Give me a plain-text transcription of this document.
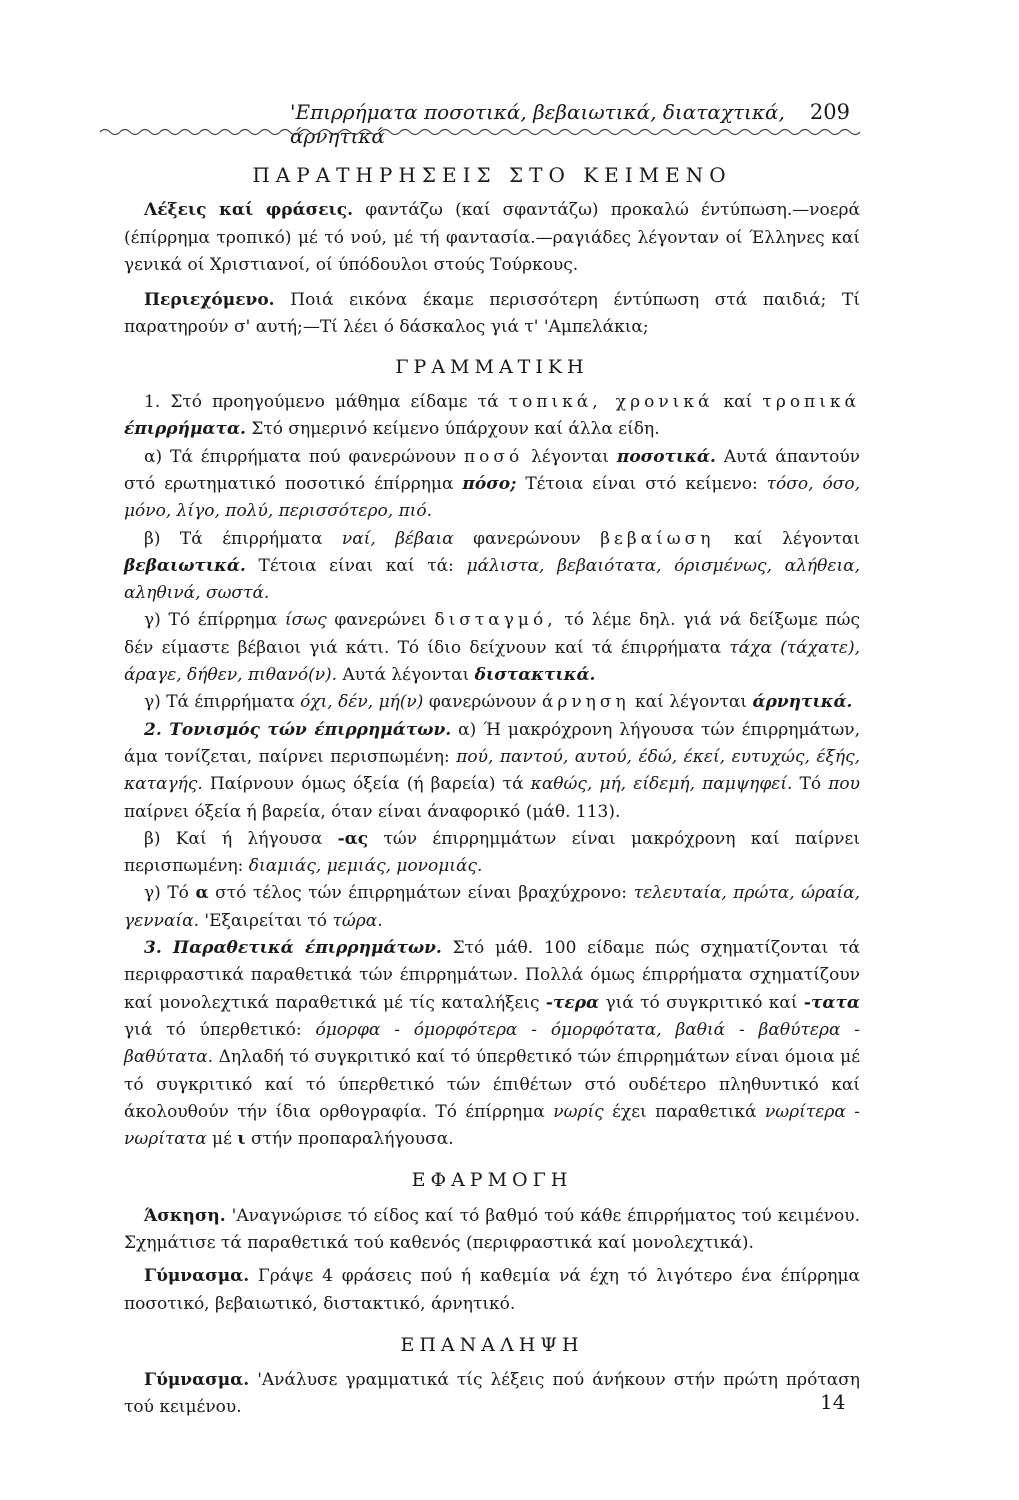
'Επιρρήματα ποσοτικά, βεβαιωτικά, διαταχτικά, άρνητικά
209
ΠΑΡΑΤΗΡΗΣΕΙΣ ΣΤΟ ΚΕΙΜΕΝΟ

Λέξεις καί φράσεις. φαντάζω (καί σφαντάζω) προκαλώ έντύπωση.—νοερά (έπίρρημα τροπικό) μέ τό νού, μέ τή φαντασία.—ραγιάδες λέγονταν οί Έλληνες καί γενικά οί Χριστιανοί, οί ύπόδουλοι στούς Τούρκους.

Περιεχόμενο. Ποιά εικόνα έκαμε περισσότερη έντύπωση στά παιδιά; Τί παρατηρούν σ' αυτή;—Τί λέει ό δάσκαλος γιά τ' 'Αμπελάκια;

ΓΡΑΜΜΑΤΙΚΗ

1. Στό προηγούμενο μάθημα είδαμε τά τοπικά, χρονικά καί τροπικά έπιρρήματα. Στό σημερινό κείμενο ύπάρχουν καί άλλα είδη.

α) Τά έπιρρήματα πού φανερώνουν ποσό λέγονται ποσοτικά. Αυτά άπαντούν στό ερωτηματικό ποσοτικό έπίρρημα πόσο; Τέτοια είναι στό κείμενο: τόσο, όσο, μόνο, λίγο, πολύ, περισσότερο, πιό.

β) Τά έπιρρήματα ναί, βέβαια φανερώνουν βεβαίωση καί λέγονται βεβαιωτικά. Τέτοια είναι καί τά: μάλιστα, βεβαιότατα, όρισμένως, αλήθεια, αληθινά, σωστά.

γ) Τό έπίρρημα ίσως φανερώνει δισταγμό, τό λέμε δηλ. γιά νά δείξωμε πώς δέν είμαστε βέβαιοι γιά κάτι. Τό ίδιο δείχνουν καί τά έπιρρήματα τάχα (τάχατε), άραγε, δήθεν, πιθανό(ν). Αυτά λέγονται διστακτικά.

γ) Τά έπιρρήματα όχι, δέν, μή(ν) φανερώνουν άρνηση καί λέγονται άρνητικά.

2. Τονισμός τών έπιρρημάτων. α) Ή μακρόχρονη λήγουσα τών έπιρρημάτων, άμα τονίζεται, παίρνει περισπωμένη: πού, παντού, αυτού, έδώ, έκεί, ευτυχώς, έξής, καταγής. Παίρνουν όμως όξεία (ή βαρεία) τά καθώς, μή, είδεμή, παμψηφεί. Τό που παίρνει όξεία ή βαρεία, όταν είναι άναφορικό (μάθ. 113).

β) Καί ή λήγουσα -ας τών έπιρρημμάτων είναι μακρόχρονη καί παίρνει περισπωμένη: διαμιάς, μεμιάς, μονομιάς.

γ) Τό α στό τέλος τών έπιρρημάτων είναι βραχύχρονο: τελευταία, πρώτα, ώραία, γενναία. 'Εξαιρείται τό τώρα.

3. Παραθετικά έπιρρημάτων. Στό μάθ. 100 είδαμε πώς σχηματίζονται τά περιφραστικά παραθετικά τών έπιρρημάτων. Πολλά όμως έπιρρήματα σχηματίζουν καί μονολεχτικά παραθετικά μέ τίς καταλήξεις -τερα γιά τό συγκριτικό καί -τατα γιά τό ύπερθετικό: όμορφα - όμορφότερα - όμορφότατα, βαθιά - βαθύτερα - βαθύτατα. Δηλαδή τό συγκριτικό καί τό ύπερθετικό τών έπιρρημάτων είναι όμοια μέ τό συγκριτικό καί τό ύπερθετικό τών έπιθέτων στό ουδέτερο πληθυντικό καί άκολουθούν τήν ίδια ορθογραφία. Τό έπίρρημα νωρίς έχει παραθετικά νωρίτερα - νωρίτατα μέ ι στήν προπαραλήγουσα.

ΕΦΑΡΜΟΓΗ

Άσκηση. 'Αναγνώρισε τό είδος καί τό βαθμό τού κάθε έπιρρήματος τού κειμένου. Σχημάτισε τά παραθετικά τού καθενός (περιφραστικά καί μονολεχτικά).

Γύμνασμα. Γράψε 4 φράσεις πού ή καθεμία νά έχη τό λιγότερο ένα έπίρρημα ποσοτικό, βεβαιωτικό, διστακτικό, άρνητικό.

ΕΠΑΝΑΛΗΨΗ

Γύμνασμα. 'Ανάλυσε γραμματικά τίς λέξεις πού άνήκουν στήν πρώτη πρόταση τού κειμένου.	14
